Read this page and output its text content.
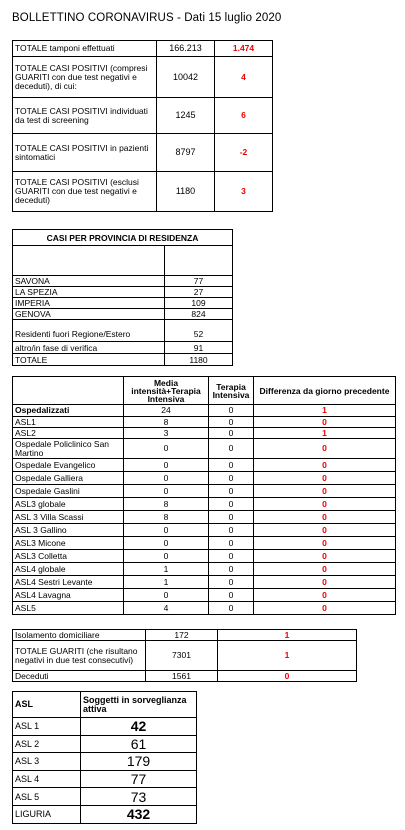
BOLLETTINO CORONAVIRUS - Dati 15 luglio 2020
TOTALE tamponi effettuati	166.213	1.474
TOTALE CASI POSITIVI (compresi GUARITI con due test negativi e deceduti), di cui:	10042	4
TOTALE CASI POSITIVI individuati da test di screening	1245	6
TOTALE CASI POSITIVI in pazienti sintomatici	8797	-2
TOTALE CASI POSITIVI (esclusi GUARITI con due test negativi e deceduti)	1180	3
CASI PER PROVINCIA DI RESIDENZA	

SAVONA	77
LA SPEZIA	27
IMPERIA	109
GENOVA	824

Residenti fuori Regione/Estero	52
altro/in fase di verifica	91
TOTALE	1180
	Media intensità+Terapia Intensiva	Terapia Intensiva	Differenza da giorno precedente
Ospedalizzati	24	0	1
ASL1	8	0	0
ASL2	3	0	1
Ospedale Policlinico San Martino	0	0	0
Ospedale Evangelico	0	0	0
Ospedale Galliera	0	0	0
Ospedale Gaslini	0	0	0
ASL3 globale	8	0	0
ASL 3 Villa Scassi	8	0	0
ASL 3 Gallino	0	0	0
ASL3 Micone	0	0	0
ASL3 Colletta	0	0	0
ASL4 globale	1	0	0
ASL4 Sestri Levante	1	0	0
ASL4 Lavagna	0	0	0
ASL5	4	0	0
Isolamento domiciliare	172	1
TOTALE GUARITI (che risultano negativi in due test consecutivi)	7301	1
Deceduti	1561	0
ASL	Soggetti in sorveglianza attiva
ASL 1	42
ASL 2	61
ASL 3	179
ASL 4	77
ASL 5	73
LIGURIA	432
